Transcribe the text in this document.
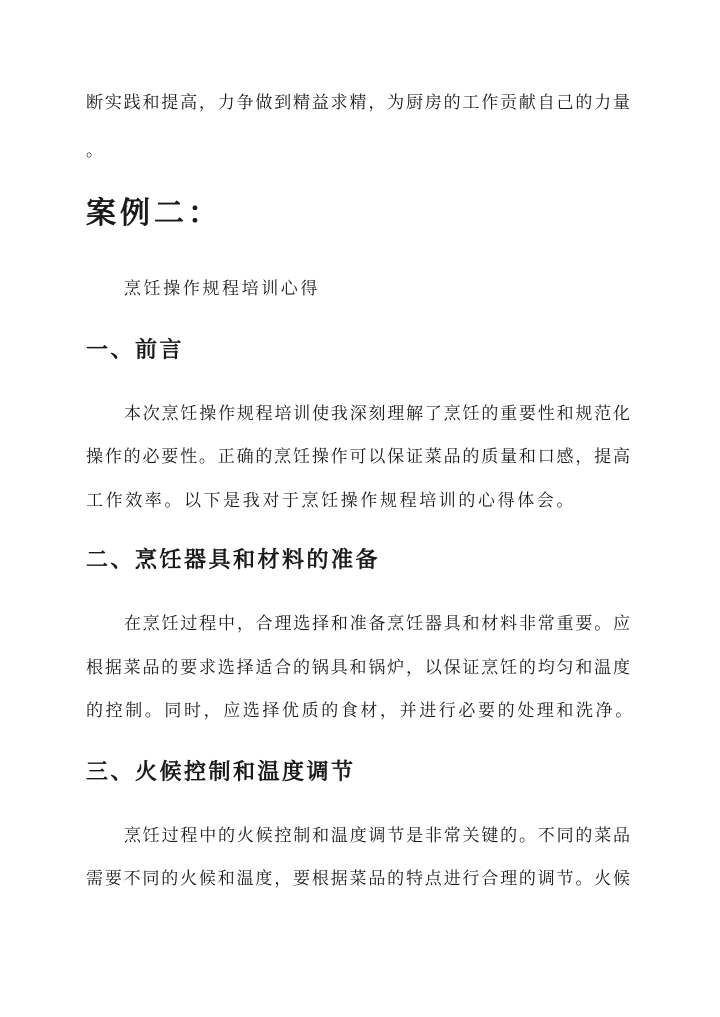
断实践和提高，力争做到精益求精，为厨房的工作贡献自己的力量
。
案例二：
烹饪操作规程培训心得
一、前言
本次烹饪操作规程培训使我深刻理解了烹饪的重要性和规范化
操作的必要性。正确的烹饪操作可以保证菜品的质量和口感，提高
工作效率。以下是我对于烹饪操作规程培训的心得体会。
二、烹饪器具和材料的准备
在烹饪过程中，合理选择和准备烹饪器具和材料非常重要。应
根据菜品的要求选择适合的锅具和锅炉，以保证烹饪的均匀和温度
的控制。同时，应选择优质的食材，并进行必要的处理和洗净。
三、火候控制和温度调节
烹饪过程中的火候控制和温度调节是非常关键的。不同的菜品
需要不同的火候和温度，要根据菜品的特点进行合理的调节。火候
